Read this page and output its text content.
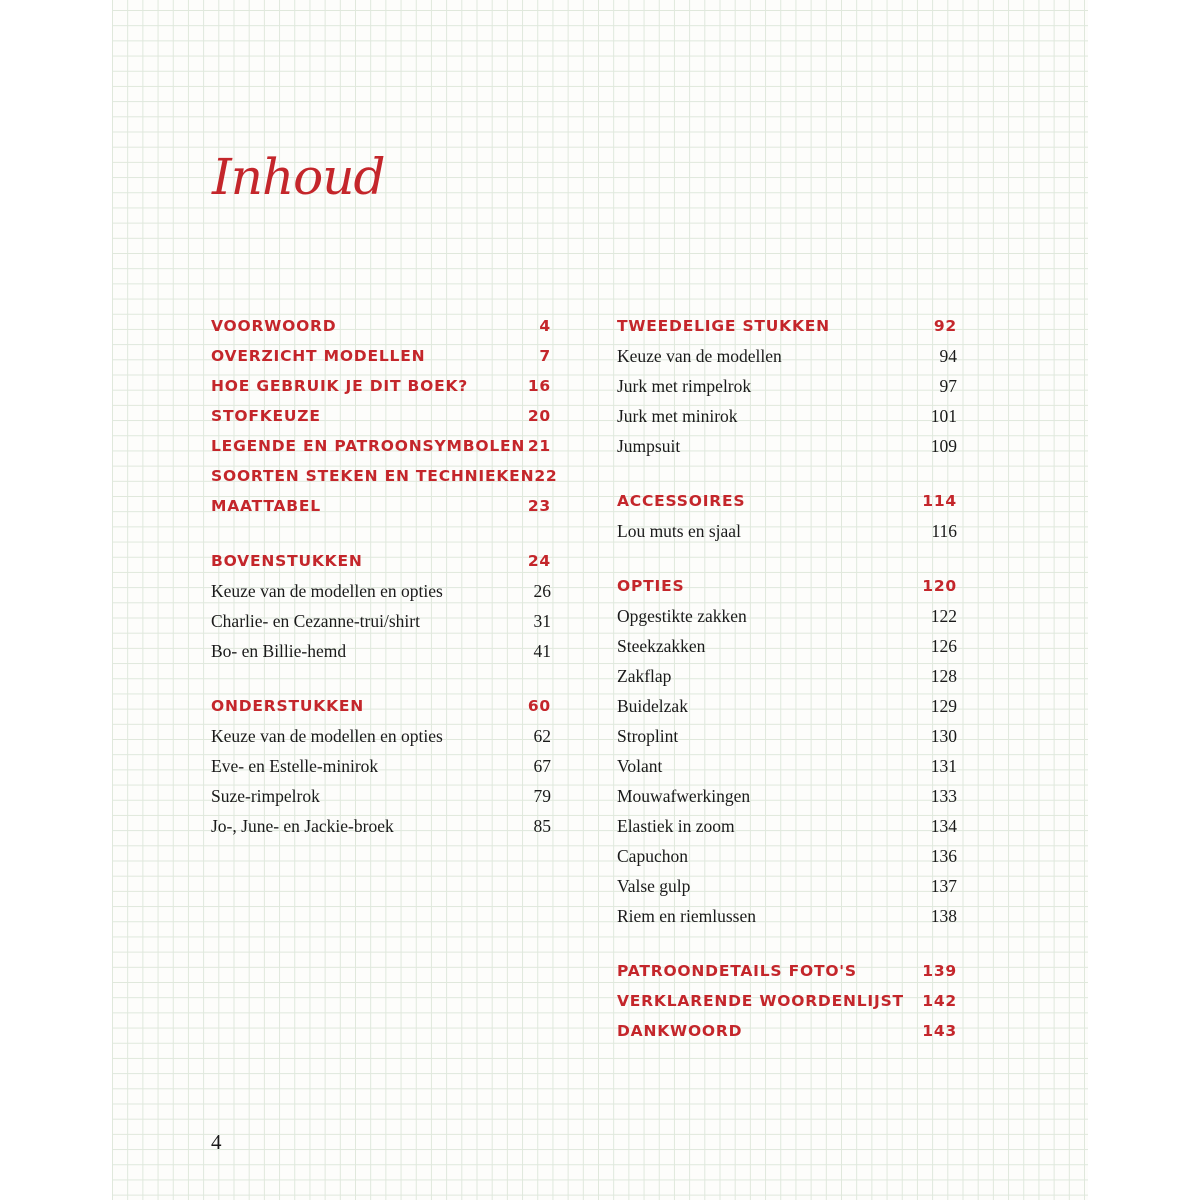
Inhoud
VOORWOORD	4
OVERZICHT MODELLEN	7
HOE GEBRUIK JE DIT BOEK?	16
STOFKEUZE	20
LEGENDE EN PATROONSYMBOLEN 21
SOORTEN STEKEN EN TECHNIEKEN 22
MAATTABEL	23
BOVENSTUKKEN	24
Keuze van de modellen en opties	26
Charlie- en Cezanne-trui/shirt	31
Bo- en Billie-hemd	41
ONDERSTUKKEN	60
Keuze van de modellen en opties	62
Eve- en Estelle-minirok	67
Suze-rimpelrok	79
Jo-, June- en Jackie-broek	85
TWEEDELIGE STUKKEN	92
Keuze van de modellen	94
Jurk met rimpelrok	97
Jurk met minirok	101
Jumpsuit	109
ACCESSOIRES	114
Lou muts en sjaal	116
OPTIES	120
Opgestikte zakken	122
Steekzakken	126
Zakflap	128
Buidelzak	129
Stroplint	130
Volant	131
Mouwafwerkingen	133
Elastiek in zoom	134
Capuchon	136
Valse gulp	137
Riem en riemlussen	138
PATROONDETAILS FOTO'S	139
VERKLARENDE WOORDENLIJST 142
DANKWOORD	143
4
